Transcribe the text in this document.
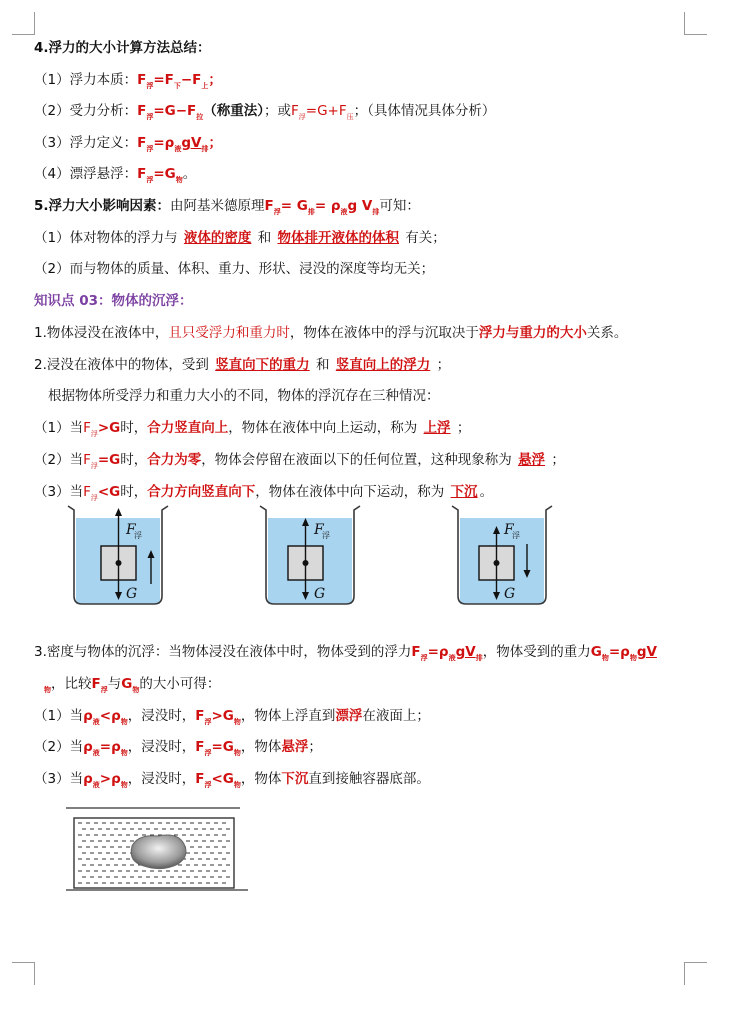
4.浮力的大小计算方法总结：
（1）浮力本质：$F_浮=F_下-F_上$；
（2）受力分析：$F_浮=G-F_拉$（称重法）；或$F_浮=G+F_压$；（具体情况具体分析）
（3）浮力定义：$F_浮=\rho_液gV_排$；
（4）漂浮悬浮：$F_浮=G_物$。
5.浮力大小影响因素：由阿基米德原理$F_浮= G_排= \rho_液g$ $V_排$可知：
（1）体对物体的浮力与 液体的密度 和 物体排开液体的体积 有关；
（2）而与物体的质量、体积、重力、形状、浸没的深度等均无关；
知识点 03：物体的沉浮：
1.物体浸没在液体中，且只受浮力和重力时，物体在液体中的浮与沉取决于浮力与重力的大小关系。
2.浸没在液体中的物体，受到 竖直向下的重力 和 竖直向上的浮力 ；
根据物体所受浮力和重力大小的不同，物体的浮沉存在三种情况：
（1）当$F_浮>G$时，合力竖直向上，物体在液体中向上运动，称为 上浮 ；
（2）当$F_浮=G$时，合力为零，物体会停留在液面以下的任何位置，这种现象称为 悬浮 ；
（3）当$F_浮<G$时，合力方向竖直向下，物体在液体中向下运动，称为 下沉 。
F
浮
G
F
浮
G
F
浮
G
3.密度与物体的沉浮：当物体浸没在液体中时，物体受到的浮力$F_浮=\rho_液gV_排$，物体受到的重力$G_物=\rho_物gV$
$_物$，比较$F_浮$与$G_物$的大小可得：
（1）当$\rho_液<\rho_物$，浸没时，$F_浮>G_物$，物体上浮直到漂浮在液面上；
（2）当$\rho_液=\rho_物$，浸没时，$F_浮=G_物$，物体悬浮；
（3）当$\rho_液>\rho_物$，浸没时，$F_浮<G_物$，物体下沉直到接触容器底部。
